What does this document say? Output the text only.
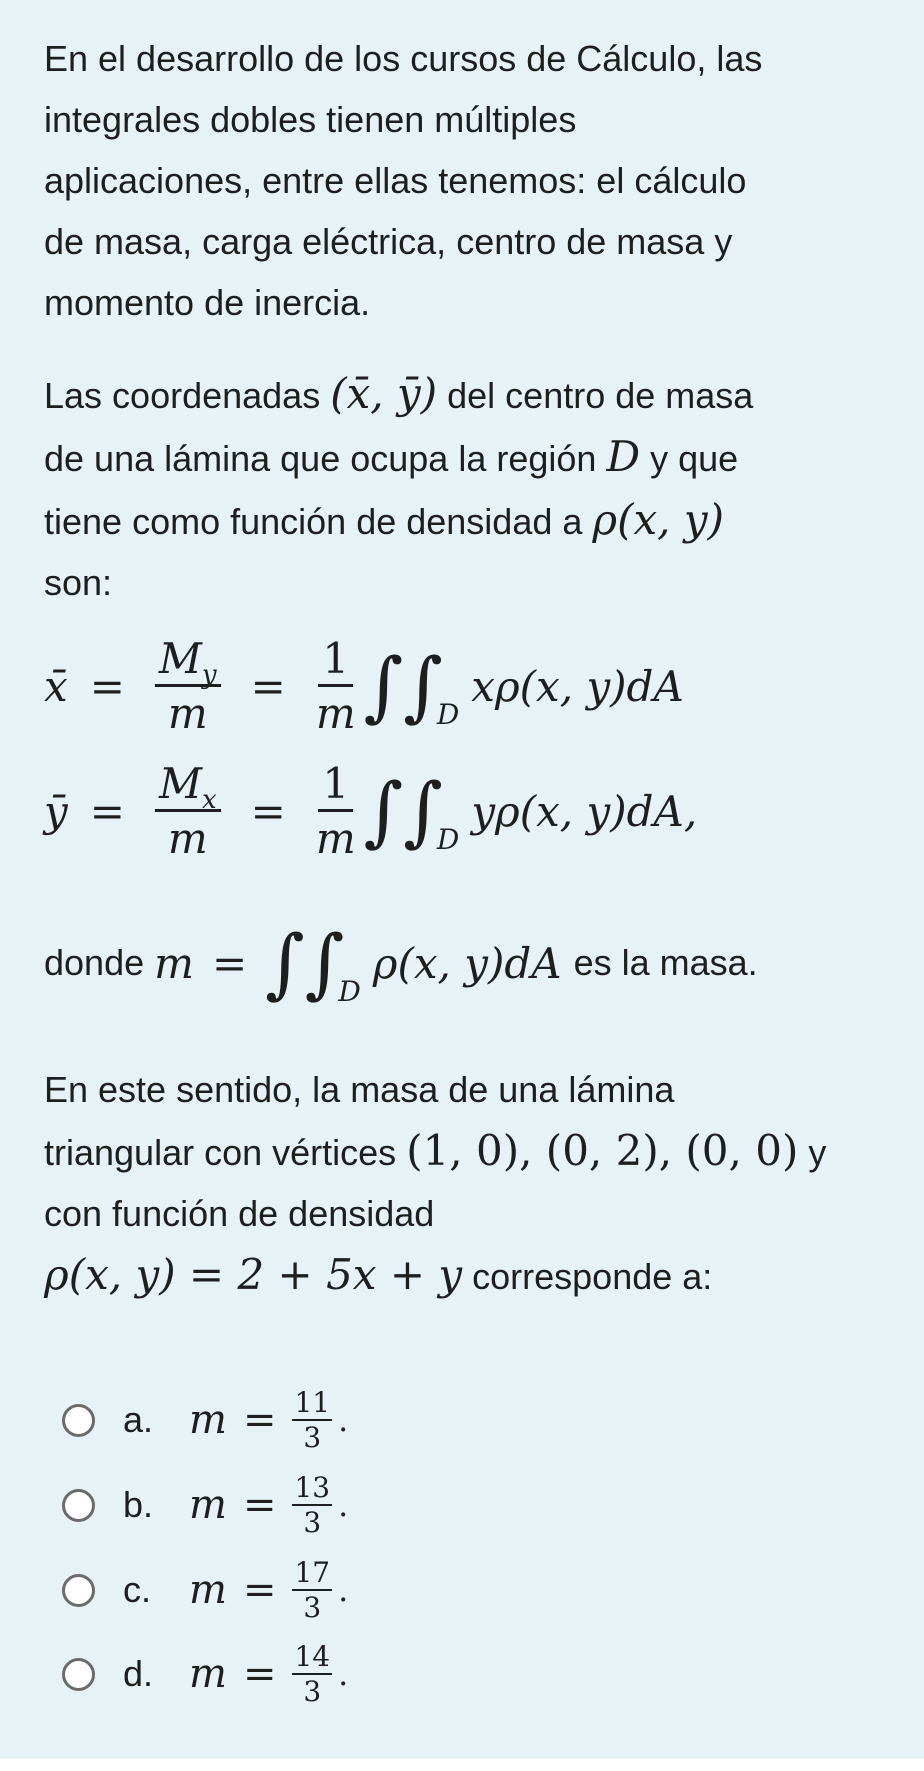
En el desarrollo de los cursos de Cálculo, las
integrales dobles tienen múltiples
aplicaciones, entre ellas tenemos: el cálculo
de masa, carga eléctrica, centro de masa y
momento de inercia.

Las coordenadas (x̄, ȳ) del centro de masa
de una lámina que ocupa la región D y que
tiene como función de densidad a ρ(x, y)
son:

x̄ = $\frac{M_y}{m} = \frac{1}{m}$ ∫∫
D
xρ(x, y)dA
ȳ = $\frac{M_x}{m} = \frac{1}{m}$ ∫∫
D
yρ(x, y)dA,
donde m = ∫∫
D
ρ(x, y)dA es la masa.

En este sentido, la masa de una lámina
triangular con vértices (1, 0), (0, 2), (0, 0) y
con función de densidad
ρ(x, y) = 2 + 5x + y corresponde a:

a. $m = \frac{11}{3}$ .
b. $m = \frac{13}{3}$ .
c. $m = \frac{17}{3}$ .
d. $m = \frac{14}{3}$ .
